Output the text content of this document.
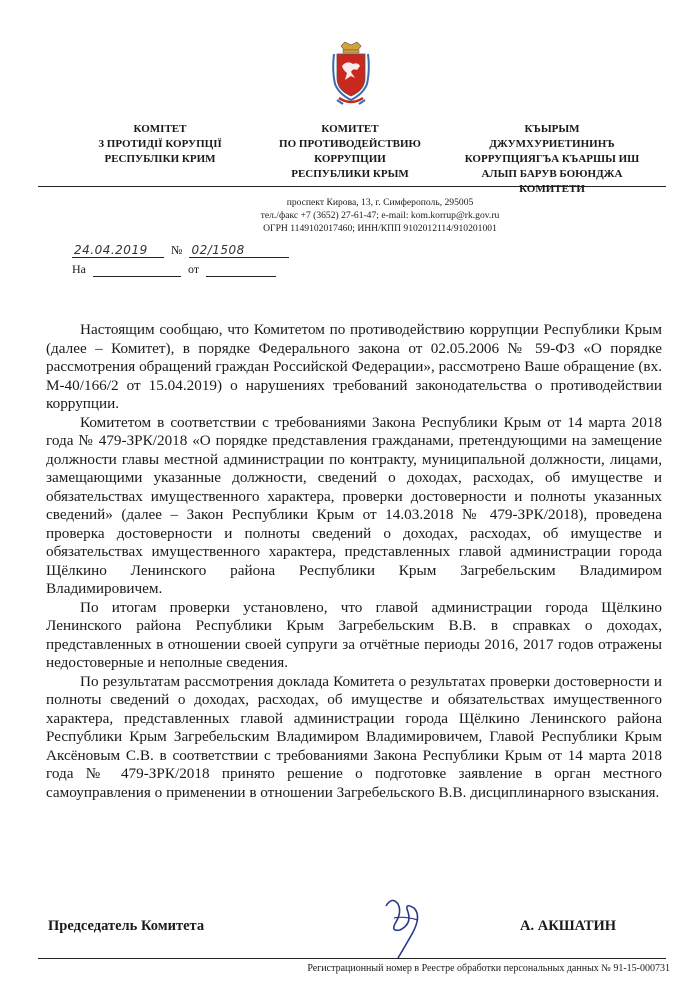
КОМІТЕТ
З ПРОТИДІЇ КОРУПЦІЇ
РЕСПУБЛІКИ КРИМ
КОМИТЕТ
ПО ПРОТИВОДЕЙСТВИЮ
КОРРУПЦИИ
РЕСПУБЛИКИ КРЫМ
КЪЫРЫМ
ДЖУМХУРИЕТИНИНЪ
КОРРУПЦИЯГЪА КЪАРШЫ ИШ
АЛЫП БАРУВ БОЮНДЖА
КОМИТЕТИ
проспект Кирова, 13, г. Симферополь, 295005
тел./факс +7 (3652) 27-61-47; e-mail: kom.korrup@rk.gov.ru
ОГРН 1149102017460; ИНН/КПП 9102012114/910201001
24.04.2019 № 02/1508
На	от

Настоящим сообщаю, что Комитетом по противодействию коррупции Республики Крым (далее – Комитет), в порядке Федерального закона от 02.05.2006 № 59-ФЗ «О порядке рассмотрения обращений граждан Российской Федерации», рассмотрено Ваше обращение (вх. М-40/166/2 от 15.04.2019) о нарушениях требований законодательства о противодействии коррупции.

Комитетом в соответствии с требованиями Закона Республики Крым от 14 марта 2018 года № 479-ЗРК/2018 «О порядке представления гражданами, претендующими на замещение должности главы местной администрации по контракту, муниципальной должности, лицами, замещающими указанные должности, сведений о доходах, расходах, об имуществе и обязательствах имущественного характера, проверки достоверности и полноты указанных сведений» (далее – Закон Республики Крым от 14.03.2018 № 479-ЗРК/2018), проведена проверка достоверности и полноты сведений о доходах, расходах, об имуществе и обязательствах имущественного характера, представленных главой администрации города Щёлкино Ленинского района Республики Крым Загребельским Владимиром Владимировичем.

По итогам проверки установлено, что главой администрации города Щёлкино Ленинского района Республики Крым Загребельским В.В. в справках о доходах, представленных в отношении своей супруги за отчётные периоды 2016, 2017 годов отражены недостоверные и неполные сведения.

По результатам рассмотрения доклада Комитета о результатах проверки достоверности и полноты сведений о доходах, расходах, об имуществе и обязательствах имущественного характера, представленных главой администрации города Щёлкино Ленинского района Республики Крым Загребельским Владимиром Владимировичем, Главой Республики Крым Аксёновым С.В. в соответствии с требованиями Закона Республики Крым от 14 марта 2018 года № 479-ЗРК/2018 принято решение о подготовке заявление в орган местного самоуправления о применении в отношении Загребельского В.В. дисциплинарного взыскания.

Председатель Комитета	А. АКШАТИН
Регистрационный номер в Реестре обработки персональных данных № 91-15-000731
